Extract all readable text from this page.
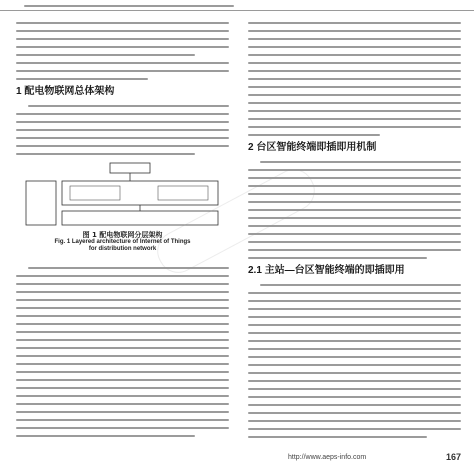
1 配电物联网总体架构
图 1 配电物联网分层架构
Fig. 1 Layered architecture of Internet of Things
for distribution network
2 台区智能终端即插即用机制
2.1 主站—台区智能终端的即插即用
http://www.aeps-info.com	167
